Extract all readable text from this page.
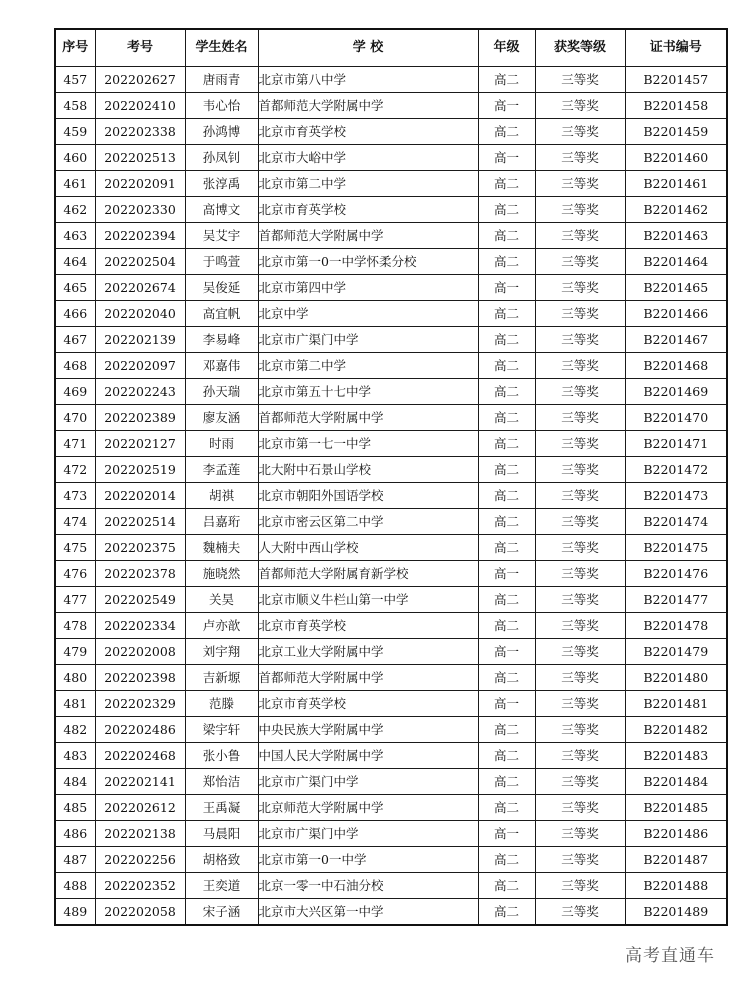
序号	考号	学生姓名	学 校	年级	获奖等级	证书编号
457	202202627	唐雨青	北京市第八中学	高二	三等奖	B2201457
458	202202410	韦心怡	首都师范大学附属中学	高一	三等奖	B2201458
459	202202338	孙鸿博	北京市育英学校	高二	三等奖	B2201459
460	202202513	孙凤钊	北京市大峪中学	高一	三等奖	B2201460
461	202202091	张淳禹	北京市第二中学	高二	三等奖	B2201461
462	202202330	高博文	北京市育英学校	高二	三等奖	B2201462
463	202202394	吴艾宇	首都师范大学附属中学	高二	三等奖	B2201463
464	202202504	于鸣萱	北京市第一0一中学怀柔分校	高二	三等奖	B2201464
465	202202674	吴俊延	北京市第四中学	高一	三等奖	B2201465
466	202202040	高宜帆	北京中学	高二	三等奖	B2201466
467	202202139	李易峰	北京市广渠门中学	高二	三等奖	B2201467
468	202202097	邓嘉伟	北京市第二中学	高二	三等奖	B2201468
469	202202243	孙天瑞	北京市第五十七中学	高二	三等奖	B2201469
470	202202389	廖友涵	首都师范大学附属中学	高二	三等奖	B2201470
471	202202127	时雨	北京市第一七一中学	高二	三等奖	B2201471
472	202202519	李孟莲	北大附中石景山学校	高二	三等奖	B2201472
473	202202014	胡祺	北京市朝阳外国语学校	高二	三等奖	B2201473
474	202202514	吕嘉珩	北京市密云区第二中学	高二	三等奖	B2201474
475	202202375	魏楠夫	人大附中西山学校	高二	三等奖	B2201475
476	202202378	施晓然	首都师范大学附属育新学校	高一	三等奖	B2201476
477	202202549	关昊	北京市顺义牛栏山第一中学	高二	三等奖	B2201477
478	202202334	卢亦歆	北京市育英学校	高二	三等奖	B2201478
479	202202008	刘宇翔	北京工业大学附属中学	高一	三等奖	B2201479
480	202202398	吉新塬	首都师范大学附属中学	高二	三等奖	B2201480
481	202202329	范滕	北京市育英学校	高一	三等奖	B2201481
482	202202486	梁宇轩	中央民族大学附属中学	高二	三等奖	B2201482
483	202202468	张小鲁	中国人民大学附属中学	高二	三等奖	B2201483
484	202202141	郑怡洁	北京市广渠门中学	高二	三等奖	B2201484
485	202202612	王禹凝	北京师范大学附属中学	高二	三等奖	B2201485
486	202202138	马晨阳	北京市广渠门中学	高一	三等奖	B2201486
487	202202256	胡格致	北京市第一0一中学	高二	三等奖	B2201487
488	202202352	王奕道	北京一零一中石油分校	高二	三等奖	B2201488
489	202202058	宋子涵	北京市大兴区第一中学	高二	三等奖	B2201489
高考直通车
